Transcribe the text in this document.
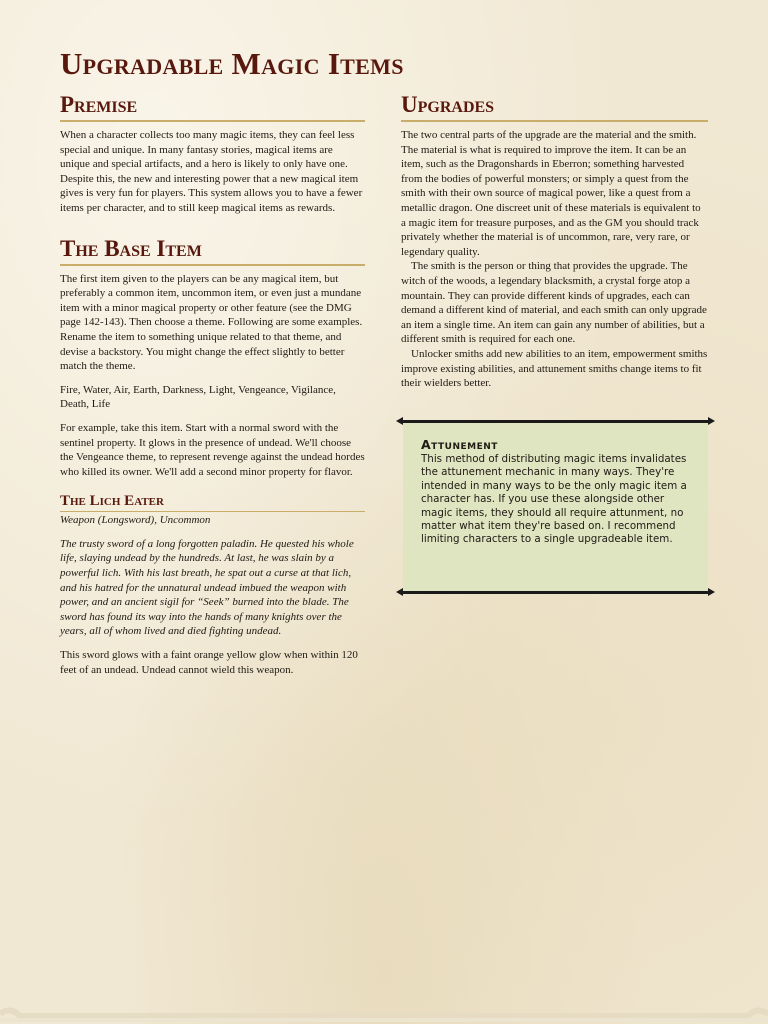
Upgradable Magic Items
Premise

When a character collects too many magic items, they can feel less special and unique. In many fantasy stories, magical items are unique and special artifacts, and a hero is likely to only have one. Despite this, the new and interesting power that a new magical item gives is very fun for players. This system allows you to have a fewer items per character, and to still keep magical items as rewards.

The Base Item

The first item given to the players can be any magical item, but preferably a common item, uncommon item, or even just a mundane item with a minor magical property or other feature (see the DMG page 142-143). Then choose a theme. Following are some examples. Rename the item to something unique related to that theme, and devise a backstory. You might change the effect slightly to better match the theme.

Fire, Water, Air, Earth, Darkness, Light, Vengeance, Vigilance, Death, Life

For example, take this item. Start with a normal sword with the sentinel property. It glows in the presence of undead. We'll choose the Vengeance theme, to represent revenge against the undead hordes who killed its owner. We'll add a second minor property for flavor.

The Lich Eater

Weapon (Longsword), Uncommon

The trusty sword of a long forgotten paladin. He quested his whole life, slaying undead by the hundreds. At last, he was slain by a powerful lich. With his last breath, he spat out a curse at that lich, and his hatred for the unnatural undead imbued the weapon with power, and an ancient sigil for “Seek” burned into the blade. The sword has found its way into the hands of many knights over the years, all of whom lived and died fighting undead.

This sword glows with a faint orange yellow glow when within 120 feet of an undead. Undead cannot wield this weapon.

Upgrades

The two central parts of the upgrade are the material and the smith. The material is what is required to improve the item. It can be an item, such as the Dragonshards in Eberron; something harvested from the bodies of powerful monsters; or simply a quest from the smith with their own source of magical power, like a quest from a metallic dragon. One discreet unit of these materials is equivalent to a magic item for treasure purposes, and as the GM you should track privately whether the material is of uncommon, rare, very rare, or legendary quality.

The smith is the person or thing that provides the upgrade. The witch of the woods, a legendary blacksmith, a crystal forge atop a mountain. They can provide different kinds of upgrades, each can demand a different kind of material, and each smith can only upgrade an item a single time. An item can gain any number of abilities, but a different smith is required for each one.

Unlocker smiths add new abilities to an item, empowerment smiths improve existing abilities, and attunement smiths change items to fit their wielders better.

Attunement

This method of distributing magic items invalidates the attunement mechanic in many ways. They're intended in many ways to be the only magic item a character has. If you use these alongside other magic items, they should all require attunment, no matter what item they're based on. I recommend limiting characters to a single upgradeable item.
